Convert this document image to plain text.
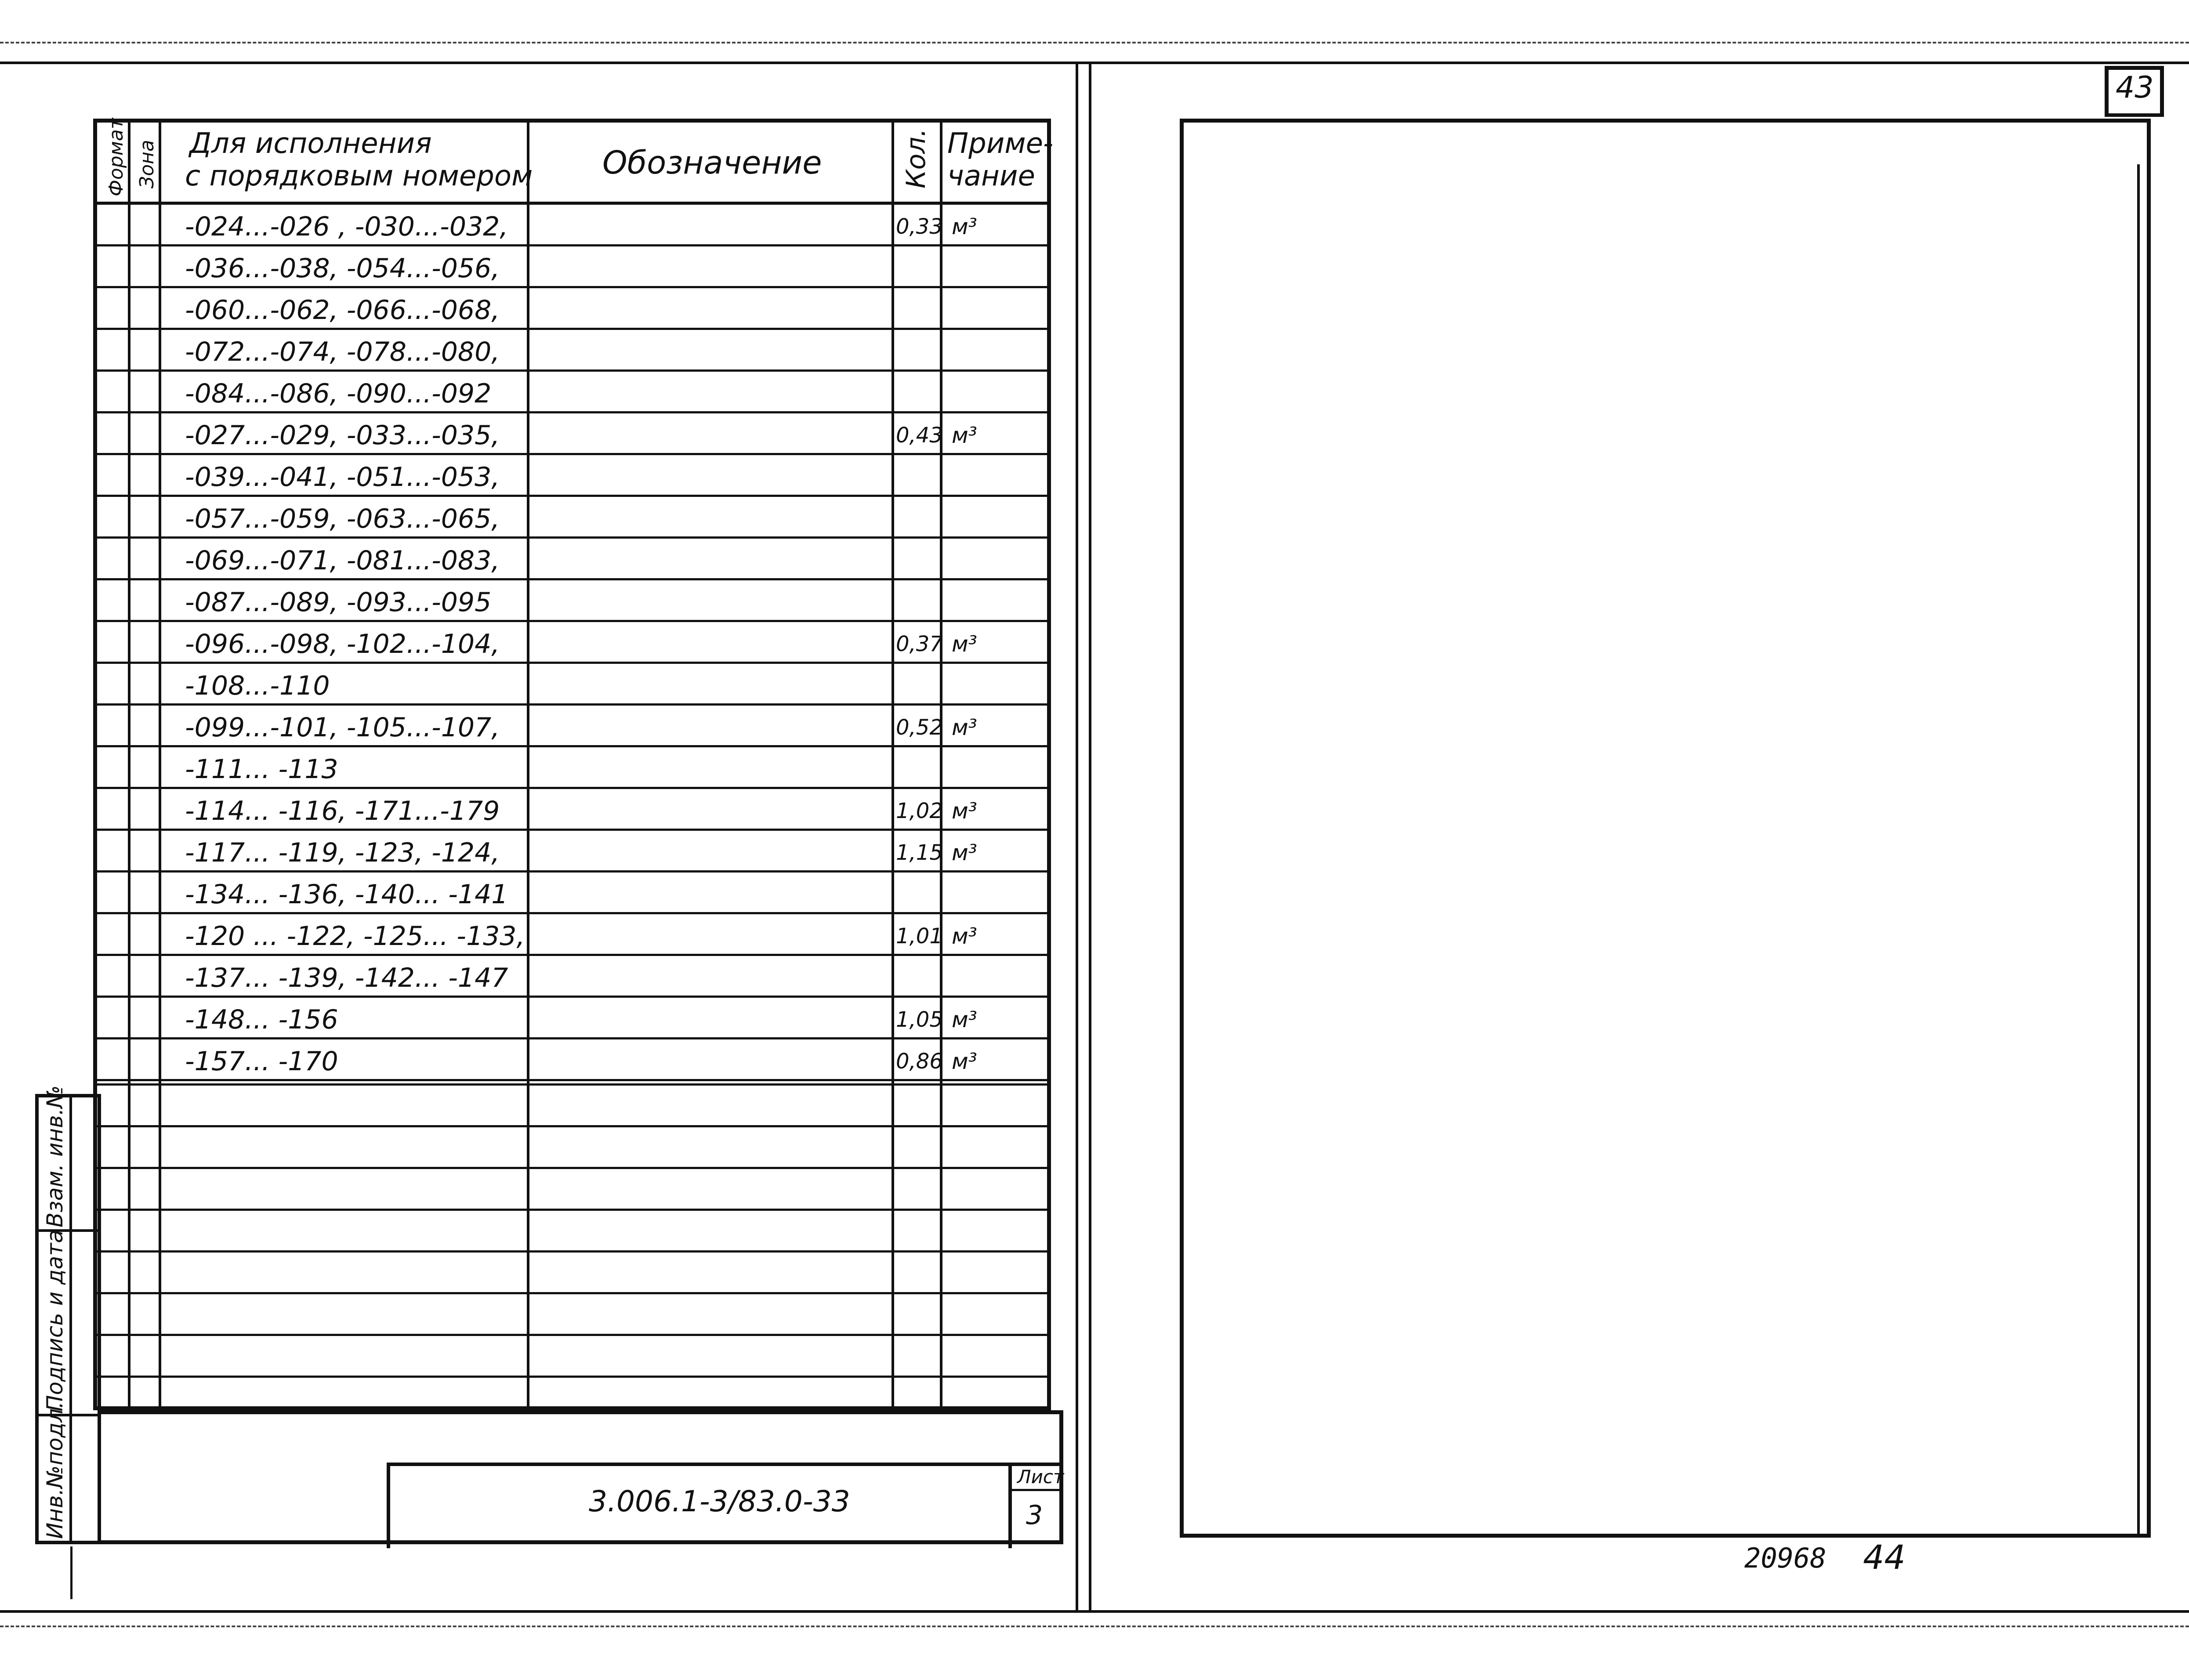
Формат Зона Для исполнения
с порядковым номером Обозначение	Кол. Приме-
чание
-024...-026 , -030...-032,	0,33 м³
-036...-038, -054...-056,
-060...-062, -066...-068,
-072...-074, -078...-080,
-084...-086, -090...-092
-027...-029, -033...-035,	0,43 м³
-039...-041, -051...-053,
-057...-059, -063...-065,
-069...-071, -081...-083,
-087...-089, -093...-095
-096...-098, -102...-104,	0,37 м³
-108...-110
-099...-101, -105...-107,	0,52 м³
-111... -113
-114... -116, -171...-179	1,02 м³
-117... -119, -123, -124,	1,15 м³
-134... -136, -140... -141
-120 ... -122, -125... -133,	1,01 м³
-137... -139, -142... -147
-148... -156	1,05 м³
-157... -170	0,86 м³
Взам. инв.№
Подпись и дата
Инв.№подл.	3.006.1-3/83.0-33
Лист
3
43
20968 44
